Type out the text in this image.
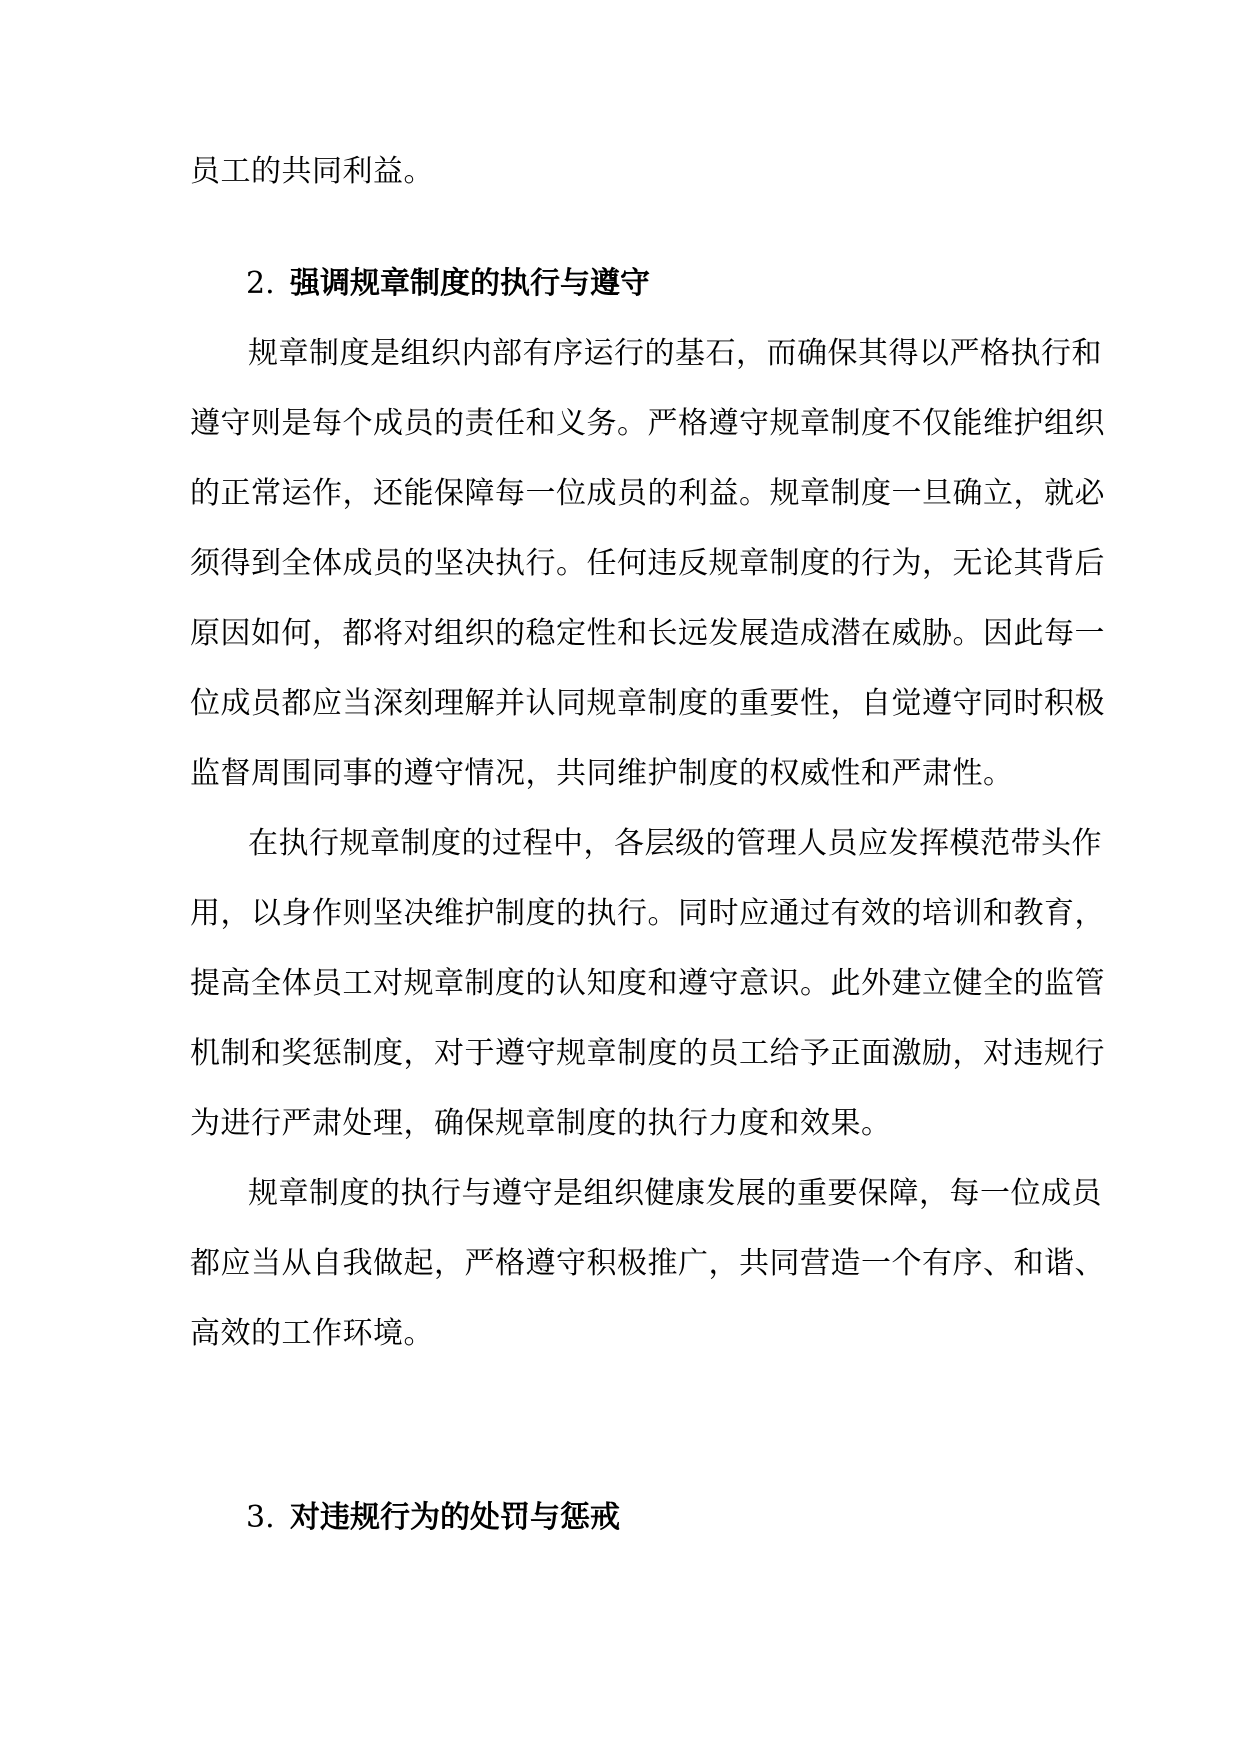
员工的共同利益。
2. 强调规章制度的执行与遵守
规章制度是组织内部有序运行的基石，而确保其得以严格执行和
遵守则是每个成员的责任和义务。严格遵守规章制度不仅能维护组织
的正常运作，还能保障每一位成员的利益。规章制度一旦确立，就必
须得到全体成员的坚决执行。任何违反规章制度的行为，无论其背后
原因如何，都将对组织的稳定性和长远发展造成潜在威胁。因此每一
位成员都应当深刻理解并认同规章制度的重要性，自觉遵守同时积极
监督周围同事的遵守情况，共同维护制度的权威性和严肃性。
在执行规章制度的过程中，各层级的管理人员应发挥模范带头作
用，以身作则坚决维护制度的执行。同时应通过有效的培训和教育，
提高全体员工对规章制度的认知度和遵守意识。此外建立健全的监管
机制和奖惩制度，对于遵守规章制度的员工给予正面激励，对违规行
为进行严肃处理，确保规章制度的执行力度和效果。
规章制度的执行与遵守是组织健康发展的重要保障，每一位成员
都应当从自我做起，严格遵守积极推广，共同营造一个有序、和谐、
高效的工作环境。
3. 对违规行为的处罚与惩戒
